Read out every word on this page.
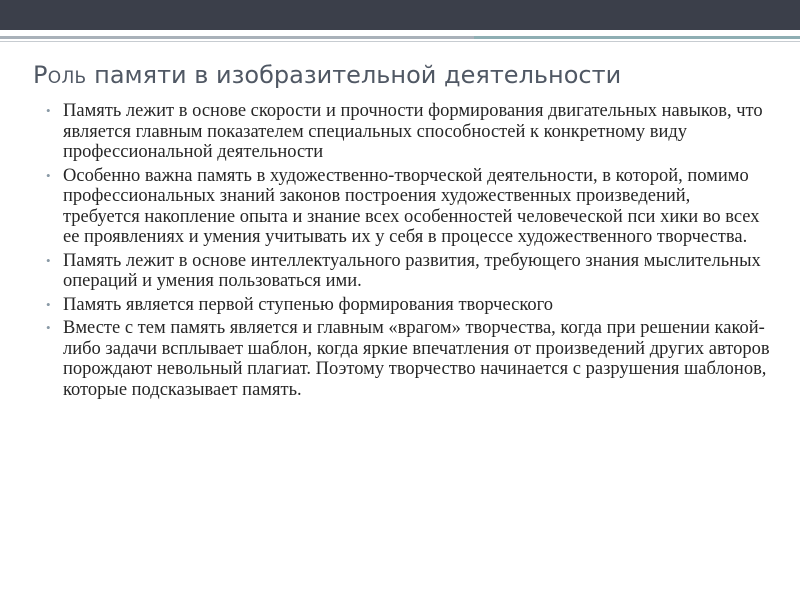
Роль памяти в изобразительной деятельности
• Память лежит в основе скорости и прочности формирования двигательных навыков, что является главным показателем специальных способностей к конкретному виду профессиональной деятельности
• Особенно важна память в художественно-творческой деятельности, в которой, помимо профессиональных знаний законов построения художественных произведений, требуется накопление опыта и знание всех особенностей человеческой пси хики во всех ее проявлениях и умения учитывать их у себя в процессе художественного творчества.
• Память лежит в основе интеллектуального развития, требующего знания мыслительных операций и умения пользоваться ими.
• Память является первой ступенью формирования творческого
• Вместе с тем память является и главным «врагом» творчества, когда при решении какой-либо задачи всплывает шаблон, когда яркие впечатления от произведений других авторов порождают невольный плагиат. Поэтому творчество начинается с разрушения шаблонов, которые подсказывает память.
